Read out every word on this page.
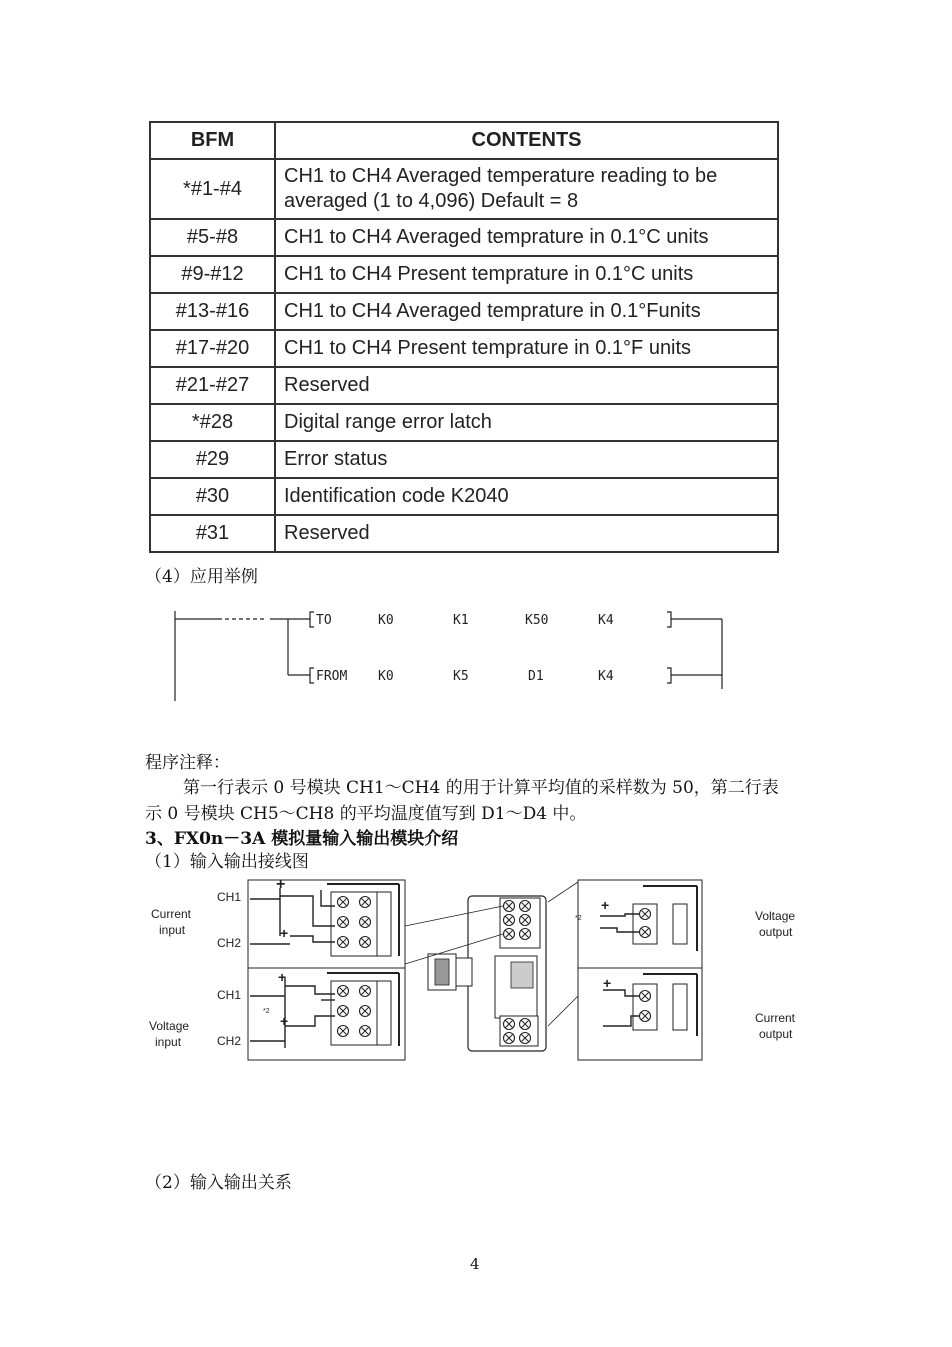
BFM	CONTENTS
*#1-#4	CH1 to CH4 Averaged temperature reading to be averaged (1 to 4,096) Default = 8
#5-#8	CH1 to CH4 Averaged temprature in 0.1°C units
#9-#12	CH1 to CH4 Present temprature in 0.1°C units
#13-#16	CH1 to CH4 Averaged temprature in 0.1°Funits
#17-#20	CH1 to CH4 Present temprature in 0.1°F units
#21-#27	Reserved
*#28	Digital range error latch
#29	Error status
#30	Identification code K2040
#31	Reserved
（4）应用举例
TO	K0	K1	K50	K4
FROM K0	K5	D1	K4
程序注释：
第一行表示 0 号模块 CH1～CH4 的用于计算平均值的采样数为 50，第二行表
示 0 号模块 CH5～CH8 的平均温度值写到 D1～D4 中。
3、FX0n－3A 模拟量输入输出模块介绍
（1）输入输出接线图
Current
input
Voltage
input
CH1
CH2
+
+
CH1
CH2
+
+
*2
+
*2
+
Voltage
output
Current
output
（2）输入输出关系
4
